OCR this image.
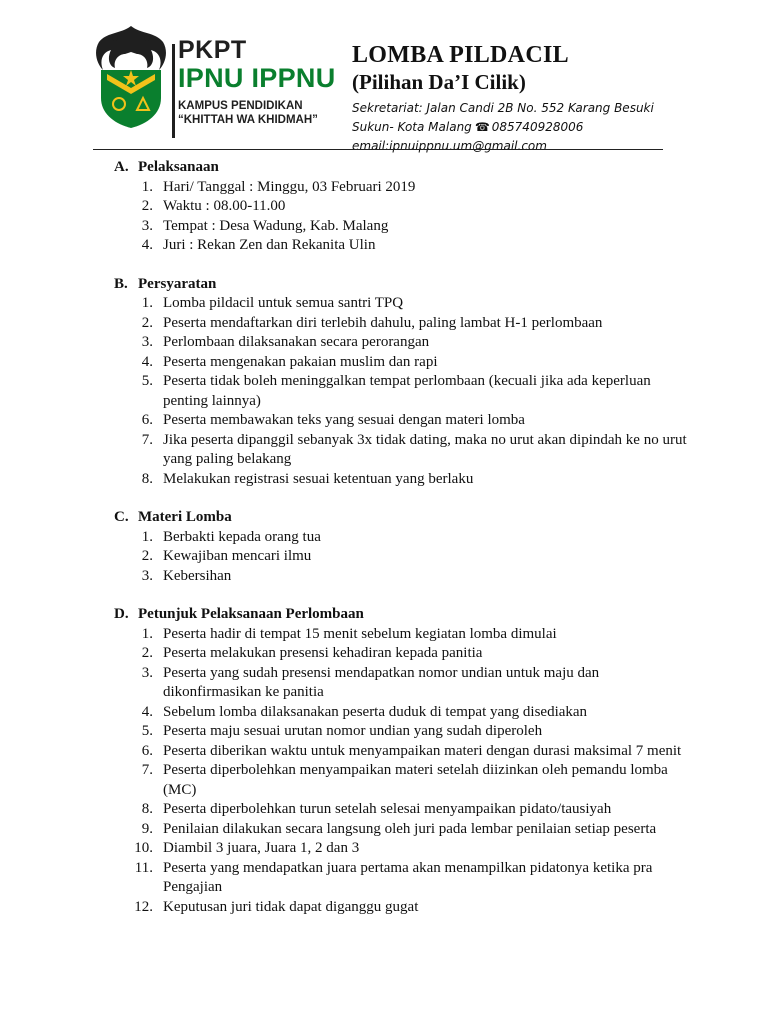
PKPT
IPNU IPPNU
KAMPUS PENDIDIKAN
“KHITTAH WA KHIDMAH”
LOMBA PILDACIL
(Pilihan Da’I Cilik)
Sekretariat: Jalan Candi 2B No. 552 Karang Besuki
Sukun- Kota Malang ☎ 085740928006
email:ipnuippnu.um@gmail.com
A. Pelaksanaan
1. Hari/ Tanggal : Minggu, 03 Februari 2019
2. Waktu : 08.00-11.00
3. Tempat : Desa Wadung, Kab. Malang
4. Juri : Rekan Zen dan Rekanita Ulin
B. Persyaratan
1. Lomba pildacil untuk semua santri TPQ
2. Peserta mendaftarkan diri terlebih dahulu, paling lambat H-1 perlombaan
3. Perlombaan dilaksanakan secara perorangan
4. Peserta mengenakan pakaian muslim dan rapi
5. Peserta tidak boleh meninggalkan tempat perlombaan (kecuali jika ada keperluan penting lainnya)
6. Peserta membawakan teks yang sesuai dengan materi lomba
7. Jika peserta dipanggil sebanyak 3x tidak dating, maka no urut akan dipindah ke no urut yang paling belakang
8. Melakukan registrasi sesuai ketentuan yang berlaku
C. Materi Lomba
1. Berbakti kepada orang tua
2. Kewajiban mencari ilmu
3. Kebersihan
D. Petunjuk Pelaksanaan Perlombaan
1. Peserta hadir di tempat 15 menit sebelum kegiatan lomba dimulai
2. Peserta melakukan presensi kehadiran kepada panitia
3. Peserta yang sudah presensi mendapatkan nomor undian untuk maju dan dikonfirmasikan ke panitia
4. Sebelum lomba dilaksanakan peserta duduk di tempat yang disediakan
5. Peserta maju sesuai urutan nomor undian yang sudah diperoleh
6. Peserta diberikan waktu untuk menyampaikan materi dengan durasi maksimal 7 menit
7. Peserta diperbolehkan menyampaikan materi setelah diizinkan oleh pemandu lomba (MC)
8. Peserta diperbolehkan turun setelah selesai menyampaikan pidato/tausiyah
9. Penilaian dilakukan secara langsung oleh juri pada lembar penilaian setiap peserta
10. Diambil 3 juara, Juara 1, 2 dan 3
11. Peserta yang mendapatkan juara pertama akan menampilkan pidatonya ketika pra Pengajian
12. Keputusan juri tidak dapat diganggu gugat
